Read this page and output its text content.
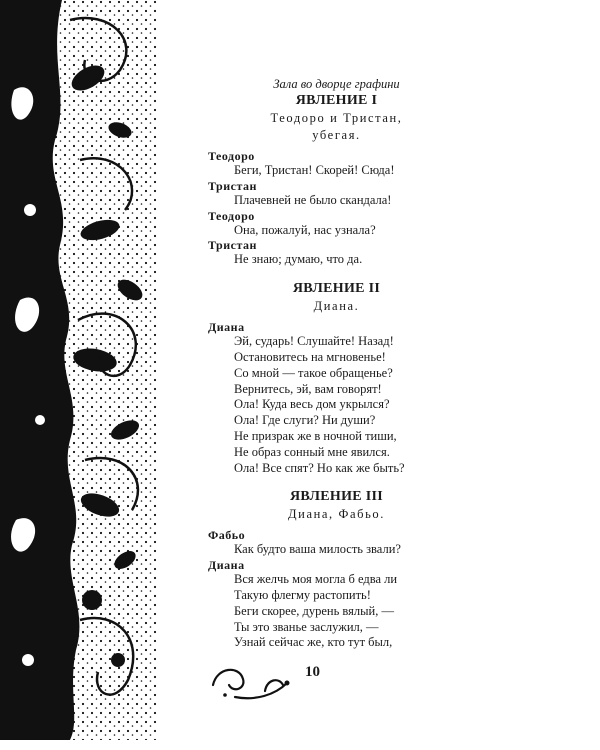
Зала во дворце графини
ЯВЛЕНИЕ I
Теодоро и Тристан, убегая.
Теодоро
Беги, Тристан! Скорей! Сюда!
Тристан
Плачевней не было скандала!
Теодоро
Она, пожалуй, нас узнала?
Тристан
Не знаю; думаю, что да.
ЯВЛЕНИЕ II
Диана.
Диана
Эй, сударь! Слушайте! Назад!
Остановитесь на мгновенье!
Со мной — такое обращенье?
Вернитесь, эй, вам говорят!
Ола! Куда весь дом укрылся?
Ола! Где слуги? Ни души?
Не призрак же в ночной тиши,
Не образ сонный мне явился.
Ола! Все спят? Но как же быть?
ЯВЛЕНИЕ III
Диана, Фабьо.
Фабьо
Как будто ваша милость звали?
Диана
Вся желчь моя могла б едва ли
Такую флегму растопить!
Беги скорее, дурень вялый, —
Ты это званье заслужил, —
Узнай сейчас же, кто тут был,
10
